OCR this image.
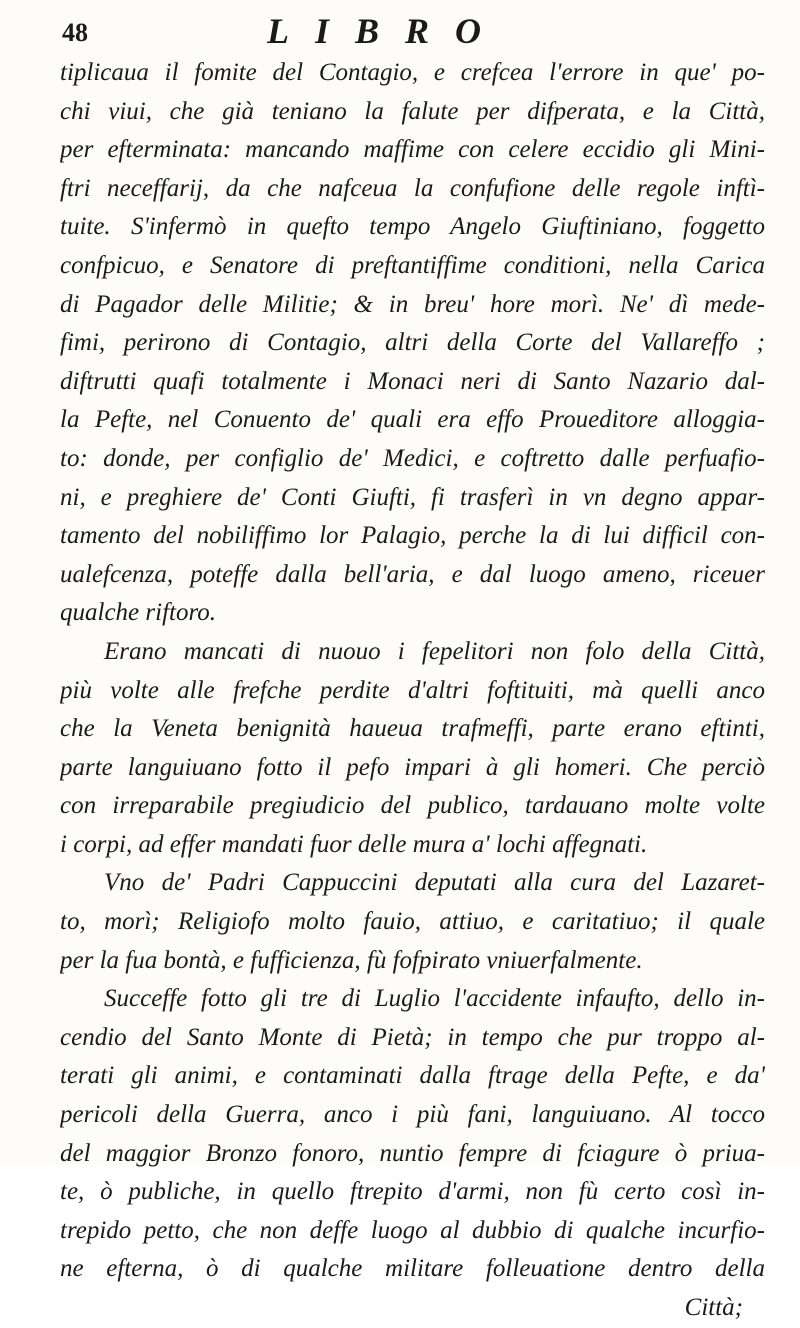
48	LIBRO
tiplicaua il fomite del Contagio, e crefcea l'errore in que' po-
chi viui, che già teniano la falute per difperata, e la Città,
per efterminata: mancando maffime con celere eccidio gli Mini-
ftri neceffarij, da che nafceua la confufione delle regole inftì-
tuite. S'infermò in quefto tempo Angelo Giuftiniano, foggetto
confpicuo, e Senatore di preftantiffime conditioni, nella Carica
di Pagador delle Militie; & in breu' hore morì. Ne' dì mede-
fimi, perirono di Contagio, altri della Corte del Vallareffo ;
diftrutti quafi totalmente i Monaci neri di Santo Nazario dal-
la Pefte, nel Conuento de' quali era effo Proueditore alloggia-
to: donde, per configlio de' Medici, e coftretto dalle perfuafio-
ni, e preghiere de' Conti Giufti, fi trasferì in vn degno appar-
tamento del nobiliffimo lor Palagio, perche la di lui difficil con-
ualefcenza, poteffe dalla bell'aria, e dal luogo ameno, riceuer
qualche riftoro.
Erano mancati di nuouo i fepelitori non folo della Città,
più volte alle frefche perdite d'altri foftituiti, mà quelli anco
che la Veneta benignità haueua trafmeffi, parte erano eftinti,
parte languiuano fotto il pefo impari à gli homeri. Che perciò
con irreparabile pregiudicio del publico, tardauano molte volte
i corpi, ad effer mandati fuor delle mura a' lochi affegnati.
Vno de' Padri Cappuccini deputati alla cura del Lazaret-
to, morì; Religiofo molto fauio, attiuo, e caritatiuo; il quale
per la fua bontà, e fufficienza, fù fofpirato vniuerfalmente.
Succeffe fotto gli tre di Luglio l'accidente infaufto, dello in-
cendio del Santo Monte di Pietà; in tempo che pur troppo al-
terati gli animi, e contaminati dalla ftrage della Pefte, e da'
pericoli della Guerra, anco i più fani, languiuano. Al tocco
del maggior Bronzo fonoro, nuntio fempre di fciagure ò priua-
te, ò publiche, in quello ftrepito d'armi, non fù certo così in-
trepido petto, che non deffe luogo al dubbio di qualche incurfio-
ne efterna, ò di qualche militare folleuatione dentro della
Città;
